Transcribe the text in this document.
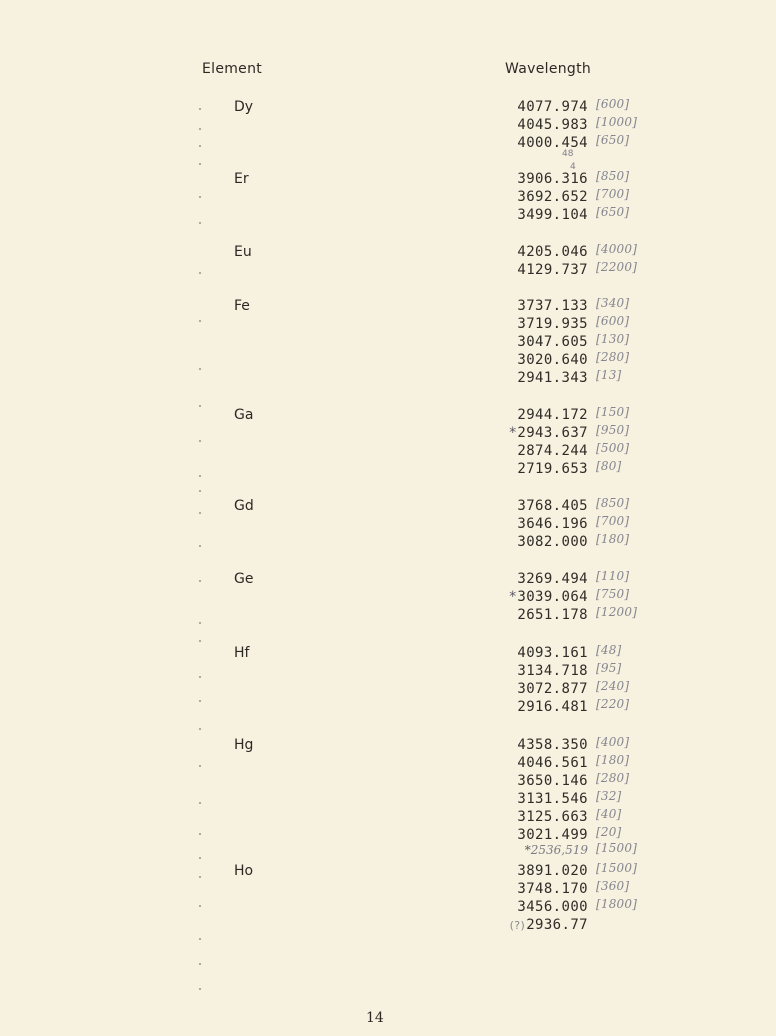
Element	Wavelength
Dy	4077.974 [600]
4045.983 [1000]
4000.454 [650]
48
Er	3906.316 [850]
4
3692.652 [700]
3499.104 [650]
Eu	4205.046 [4000]
4129.737 [2200]
Fe	3737.133 [340]
3719.935 [600]
3047.605 [130]
3020.640 [280]
2941.343 [13]
Ga	2944.172 [150]
*2943.637 [950]
2874.244 [500]
2719.653 [80]
Gd	3768.405 [850]
3646.196 [700]
3082.000 [180]
Ge	3269.494 [110]
*3039.064 [750]
2651.178 [1200]
Hf	4093.161 [48]
3134.718 [95]
3072.877 [240]
2916.481 [220]
Hg	4358.350 [400]
4046.561 [180]
3650.146 [280]
3131.546 [32]
3125.663 [40]
3021.499 [20]
*2536,519 [1500]
Ho	3891.020 [1500]
3748.170 [360]
3456.000 [1800]
(?)2936.77
14
